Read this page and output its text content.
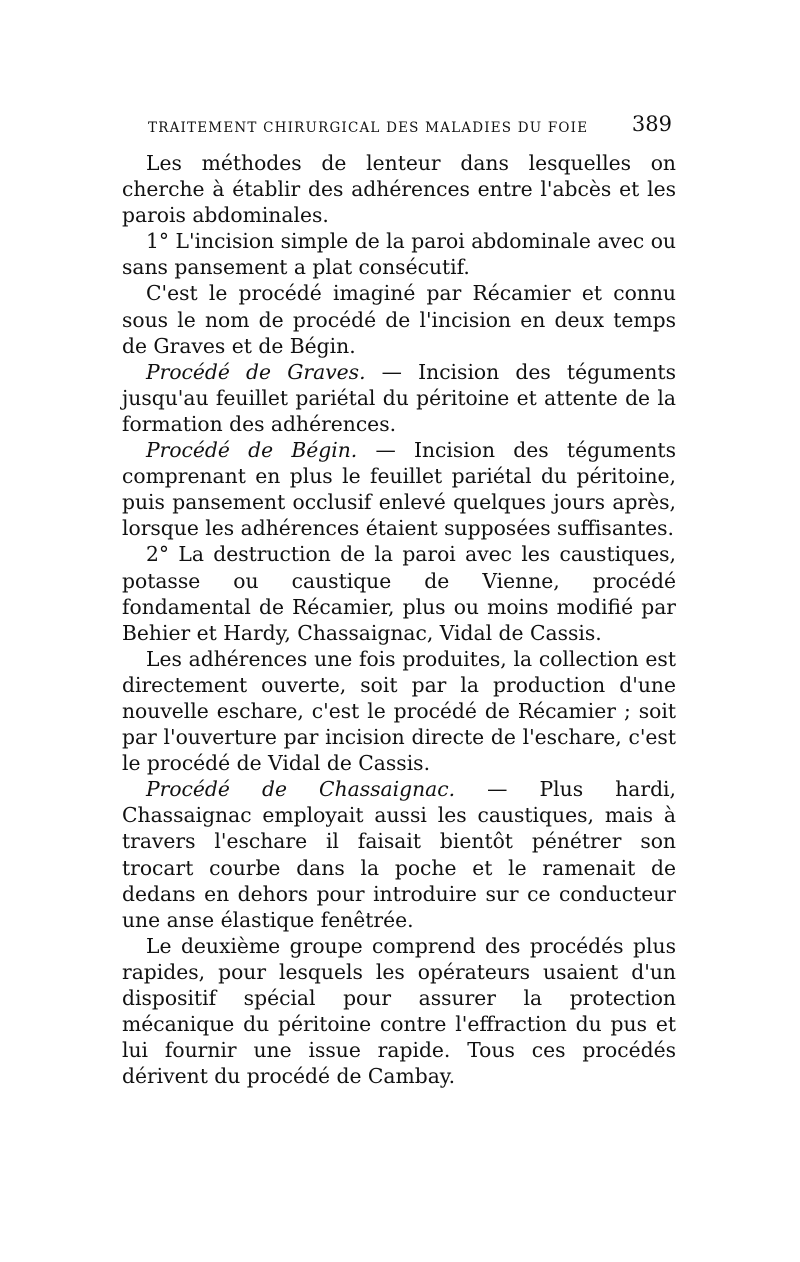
TRAITEMENT CHIRURGICAL DES MALADIES DU FOIE 389

Les méthodes de lenteur dans lesquelles on cherche à établir des adhérences entre l'abcès et les parois abdominales.

1° L'incision simple de la paroi abdominale avec ou sans pansement a plat consécutif.

C'est le procédé imaginé par Récamier et connu sous le nom de procédé de l'incision en deux temps de Graves et de Bégin.

Procédé de Graves. — Incision des téguments jusqu'au feuillet pariétal du péritoine et attente de la formation des adhérences.

Procédé de Bégin. — Incision des téguments comprenant en plus le feuillet pariétal du péritoine, puis pansement occlusif enlevé quelques jours après, lorsque les adhérences étaient supposées suffisantes.

2° La destruction de la paroi avec les caustiques, potasse ou caustique de Vienne, procédé fondamental de Récamier, plus ou moins modifié par Behier et Hardy, Chassaignac, Vidal de Cassis.

Les adhérences une fois produites, la collection est directement ouverte, soit par la production d'une nouvelle eschare, c'est le procédé de Récamier ; soit par l'ouverture par incision directe de l'eschare, c'est le procédé de Vidal de Cassis.

Procédé de Chassaignac. — Plus hardi, Chassaignac employait aussi les caustiques, mais à travers l'eschare il faisait bientôt pénétrer son trocart courbe dans la poche et le ramenait de dedans en dehors pour introduire sur ce conducteur une anse élastique fenêtrée.

Le deuxième groupe comprend des procédés plus rapides, pour lesquels les opérateurs usaient d'un dispositif spécial pour assurer la protection mécanique du péritoine contre l'effraction du pus et lui fournir une issue rapide. Tous ces procédés dérivent du procédé de Cambay.
